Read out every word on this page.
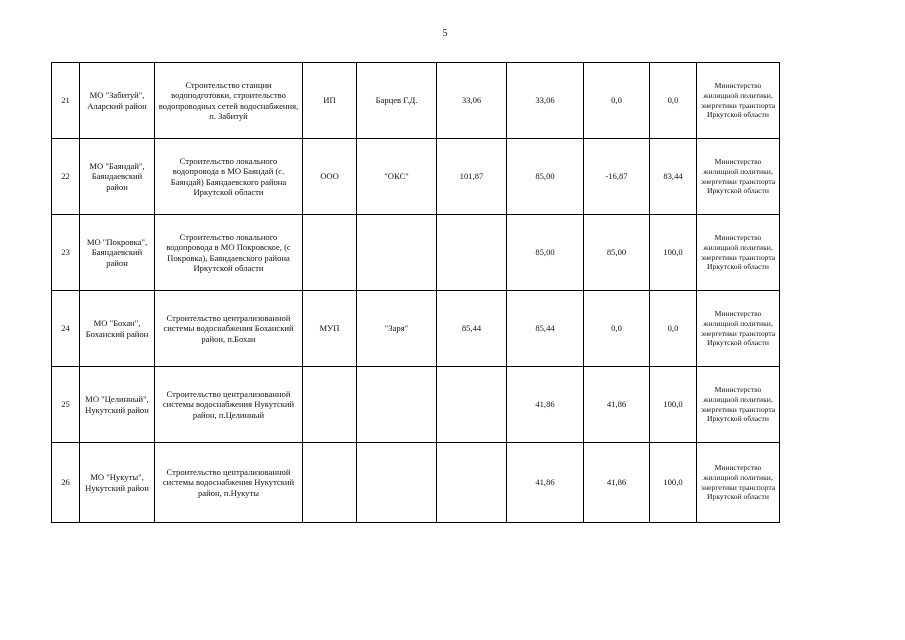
5
21	МО "Забитуй", Аларский район	Строительство станции водоподготовки, строительство водопроводных сетей водоснабжения, п. Забитуй	ИП	Барцев Г.Д.	33,06	33,06	0,0	0,0	Министерство жилищной политики, энергетики транспорта Иркутской области
22	МО "Баяндай", Баяндаевский район	Строительство локального водопровода в МО Баяндай (с. Баяндай) Баяндаевского района Иркутской области	ООО	"ОКС"	101,87	85,00	-16,87	83,44	Министерство жилищной политики, энергетики транспорта Иркутской области
23	МО "Покровка", Баяндаевский район	Строительство локального водопровода в МО Покровское, (с Покровка), Баяндаевского района Иркутской области				85,00	85,00	100,0	Министерство жилищной политики, энергетики транспорта Иркутской области
24	МО "Бохан", Боханский район	Строительство централизованной системы водоснабжения Боханский район, п.Бохан	МУП	"Заря"	85,44	85,44	0,0	0,0	Министерство жилищной политики, энергетики транспорта Иркутской области
25	МО "Целинный", Нукутский район	Строительство централизованной системы водоснабжения Нукутский район, п.Целинный				41,86	41,86	100,0	Министерство жилищной политики, энергетики транспорта Иркутской области
26	МО "Нукуты", Нукутский район	Строительство централизованной системы водоснабжения Нукутский район, п.Нукуты				41,86	41,86	100,0	Министерство жилищной политики, энергетики транспорта Иркутской области
